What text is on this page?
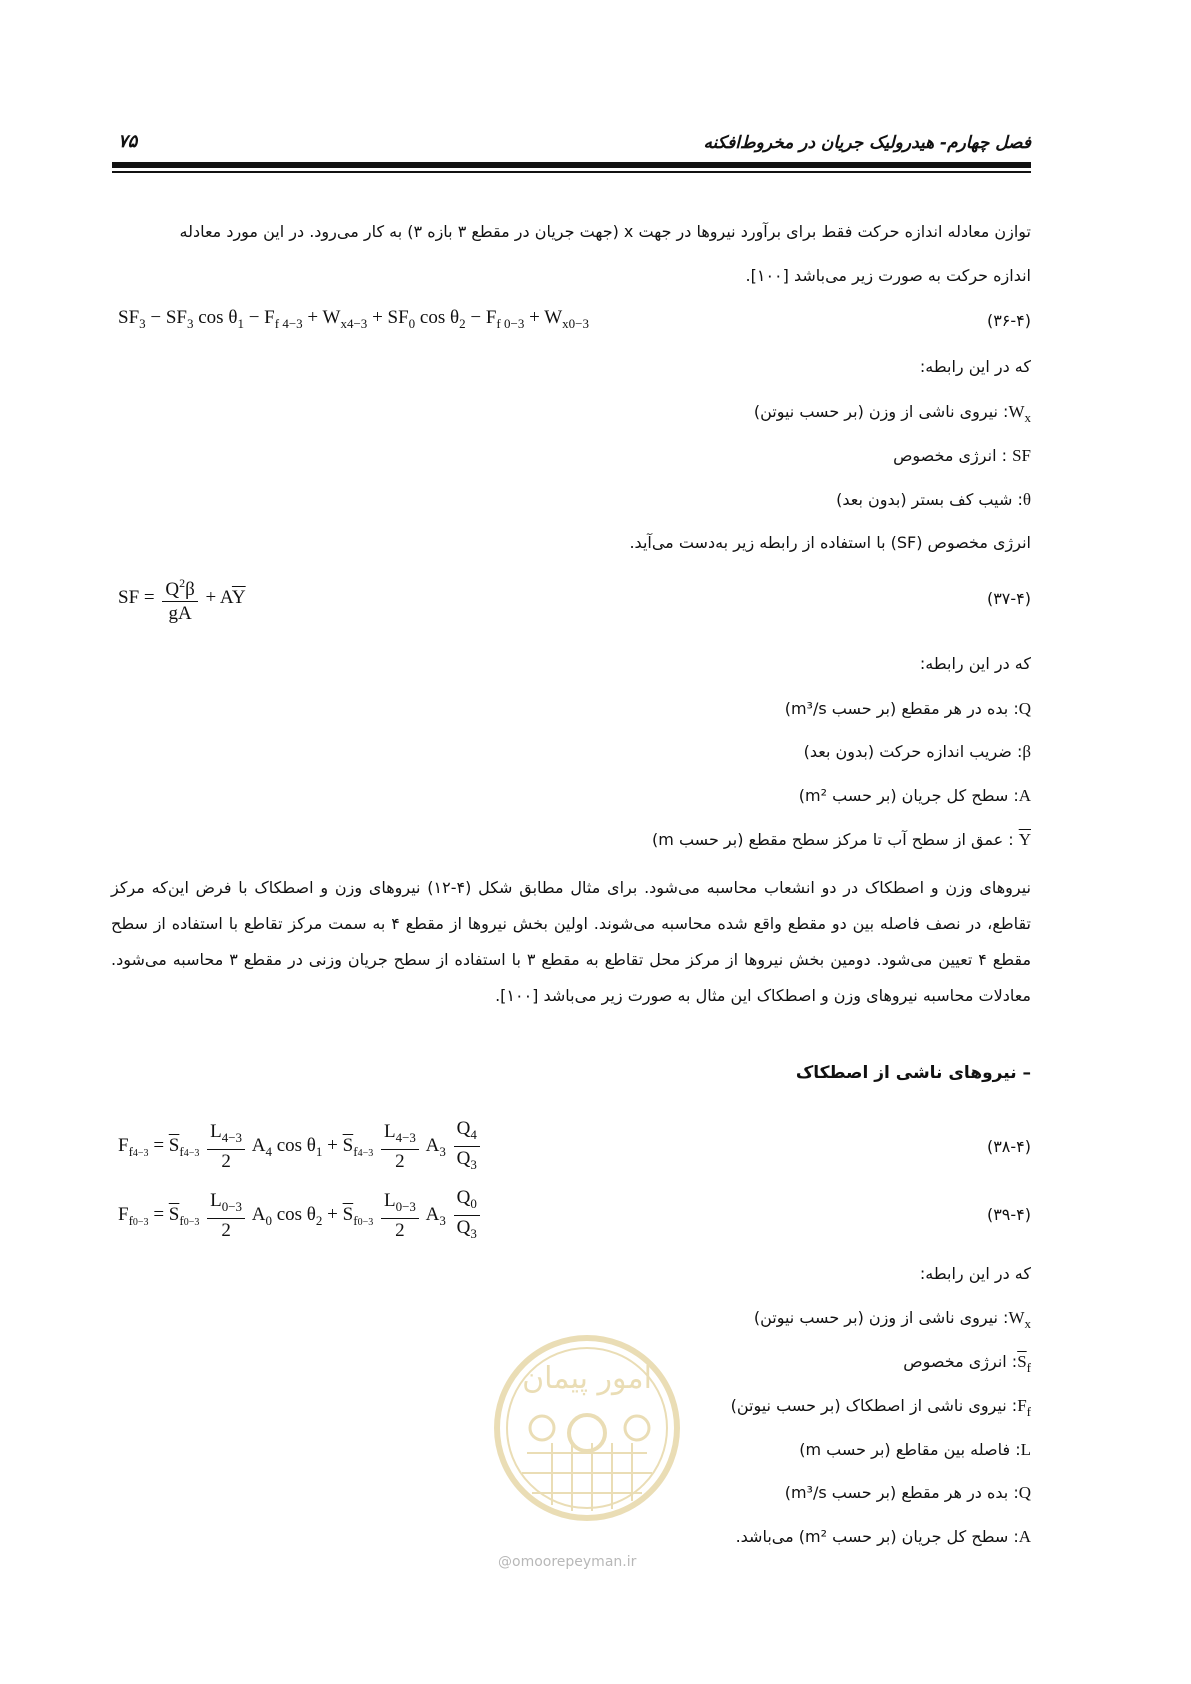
فصل چهارم- هیدرولیک جریان در مخروط‌افکنه
۷۵
توازن معادله اندازه حرکت فقط برای برآورد نیروها در جهت x (جهت جریان در مقطع ۳ بازه ۳) به کار می‌رود. در این مورد معادله
اندازه حرکت به صورت زیر می‌باشد [۱۰۰].
$SF_3 - SF_3$ $\cos \theta_1 - F_{f 4-3} + W_{x4-3} + SF_0$ $\cos \theta_2 - F_{f 0-3} + W_{x0-3}$	(۳۶-۴)
که در این رابطه:
$W_x$: نیروی ناشی از وزن (بر حسب نیوتن)
SF : انرژی مخصوص
θ: شیب کف بستر (بدون بعد)
انرژی مخصوص (SF) با استفاده از رابطه زیر به‌دست می‌آید.
SF = $\frac{Q^2\beta}{gA} + A\overline{Y}$	(۳۷-۴)
که در این رابطه:
Q: بده در هر مقطع (بر حسب m³/s)
β: ضریب اندازه حرکت (بدون بعد)
A: سطح کل جریان (بر حسب m²)
$\overline{Y}$ : عمق از سطح آب تا مرکز سطح مقطع (بر حسب m)
نیروهای وزن و اصطکاک در دو انشعاب محاسبه می‌شود. برای مثال مطابق شکل (۴-۱۲) نیروهای وزن و اصطکاک با فرض این‌که مرکز تقاطع، در نصف فاصله بین دو مقطع واقع شده محاسبه می‌شوند. اولین بخش نیروها از مقطع ۴ به سمت مرکز تقاطع با استفاده از سطح مقطع ۴ تعیین می‌شود. دومین بخش نیروها از مرکز محل تقاطع به مقطع ۳ با استفاده از سطح جریان وزنی در مقطع ۳ محاسبه می‌شود. معادلات محاسبه نیروهای وزن و اصطکاک این مثال به صورت زیر می‌باشد [۱۰۰].
– نیروهای ناشی از اصطکاک
$F_{f4-3} = \overline{S}_{f4-3} \frac{L_{4-3}}{2} A_4$ $\cos \theta_1 + \overline{S}_{f4-3} \frac{L_{4-3}}{2} A_3 \frac{Q_4}{Q_3}$	(۳۸-۴)
$F_{f0-3} = \overline{S}_{f0-3} \frac{L_{0-3}}{2} A_0$ $\cos \theta_2 + \overline{S}_{f0-3} \frac{L_{0-3}}{2} A_3 \frac{Q_0}{Q_3}$	(۳۹-۴)
که در این رابطه:
$W_x$: نیروی ناشی از وزن (بر حسب نیوتن)
$\overline{S}_f$: انرژی مخصوص
$F_f$: نیروی ناشی از اصطکاک (بر حسب نیوتن)
L: فاصله بین مقاطع (بر حسب m)
Q: بده در هر مقطع (بر حسب m³/s)
A: سطح کل جریان (بر حسب m²) می‌باشد.
امور پیمان
@omoorepeyman.ir
